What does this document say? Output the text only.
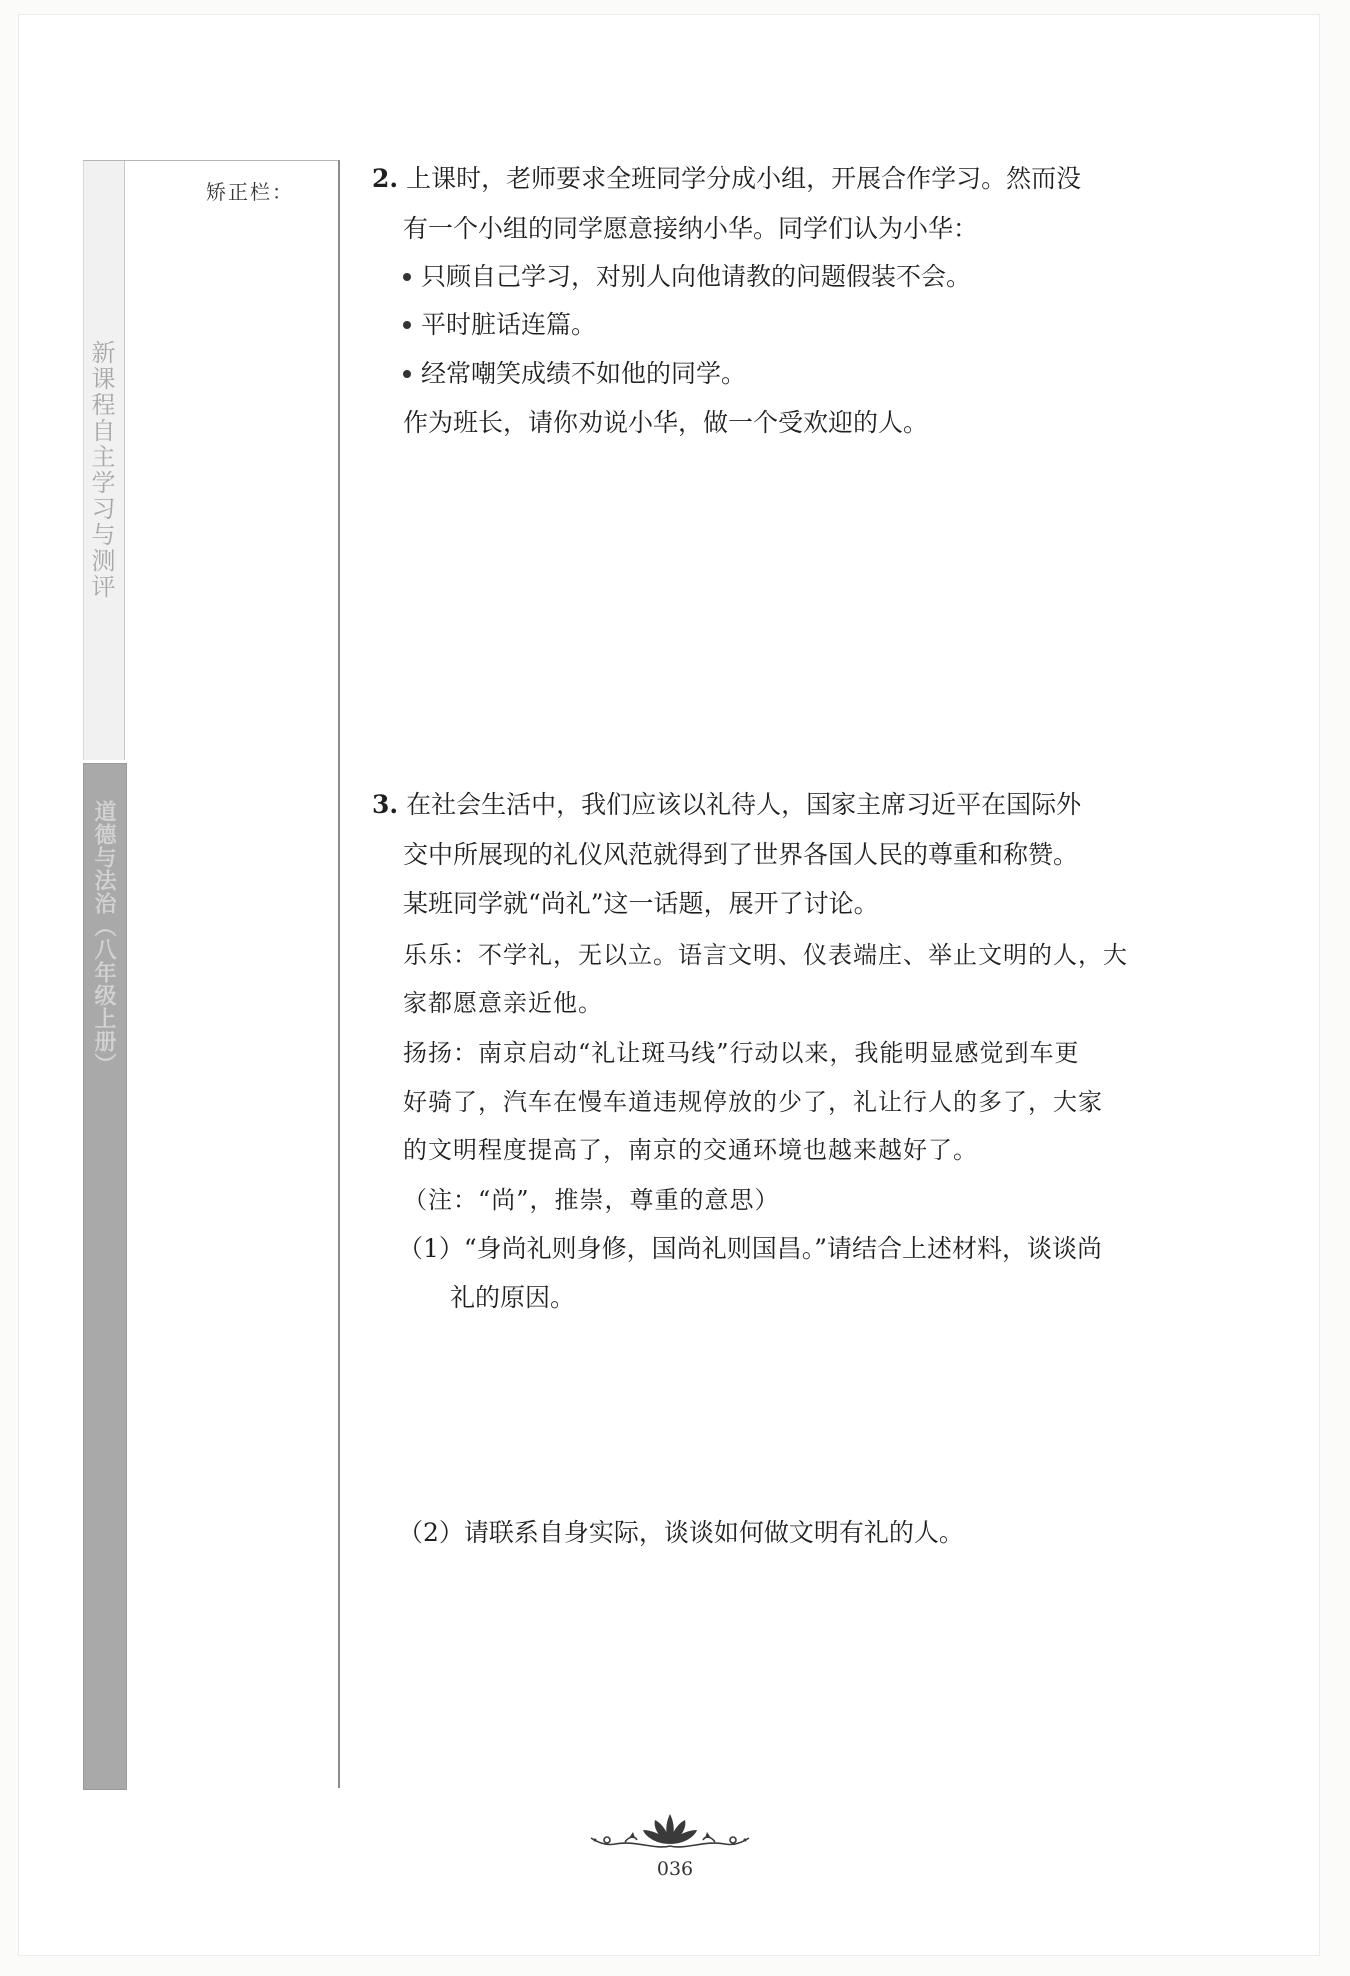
新课程自主学习与测评
道德与法治（八年级上册）
矫正栏：	2. 上课时，老师要求全班同学分成小组，开展合作学习。然而没
有一个小组的同学愿意接纳小华。同学们认为小华：
只顾自己学习，对别人向他请教的问题假装不会。
平时脏话连篇。
经常嘲笑成绩不如他的同学。
作为班长，请你劝说小华，做一个受欢迎的人。
3. 在社会生活中，我们应该以礼待人，国家主席习近平在国际外
交中所展现的礼仪风范就得到了世界各国人民的尊重和称赞。
某班同学就“尚礼”这一话题，展开了讨论。
乐乐：不学礼，无以立。语言文明、仪表端庄、举止文明的人，大
家都愿意亲近他。
扬扬：南京启动“礼让斑马线”行动以来，我能明显感觉到车更
好骑了，汽车在慢车道违规停放的少了，礼让行人的多了，大家
的文明程度提高了，南京的交通环境也越来越好了。
（注：“尚”，推崇，尊重的意思）
（1）“身尚礼则身修，国尚礼则国昌。”请结合上述材料，谈谈尚
礼的原因。
（2）请联系自身实际，谈谈如何做文明有礼的人。
036
